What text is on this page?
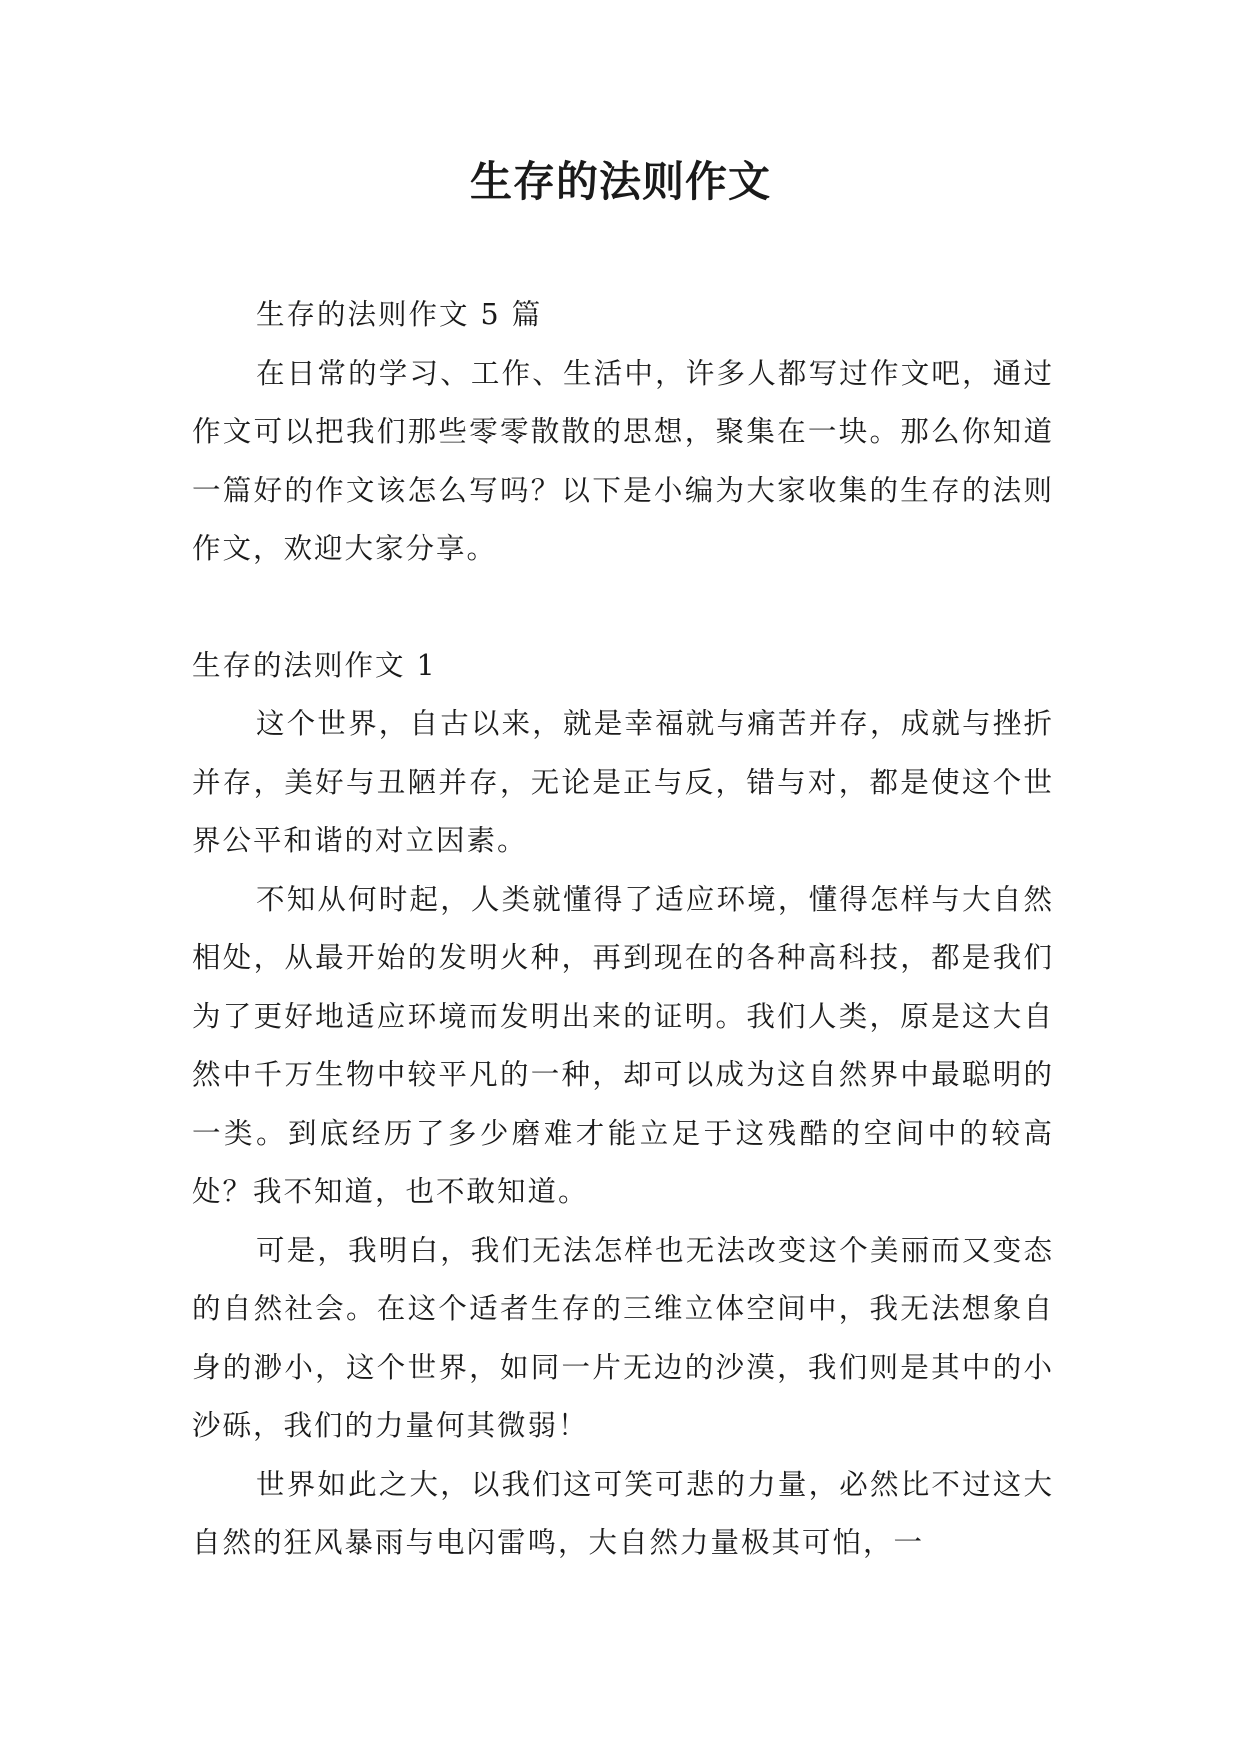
生存的法则作文

生存的法则作文 5 篇

在日常的学习、工作、生活中，许多人都写过作文吧，通过作文可以把我们那些零零散散的思想，聚集在一块。那么你知道一篇好的作文该怎么写吗？以下是小编为大家收集的生存的法则作文，欢迎大家分享。

生存的法则作文 1

这个世界，自古以来，就是幸福就与痛苦并存，成就与挫折并存，美好与丑陋并存，无论是正与反，错与对，都是使这个世界公平和谐的对立因素。

不知从何时起，人类就懂得了适应环境，懂得怎样与大自然相处，从最开始的发明火种，再到现在的各种高科技，都是我们为了更好地适应环境而发明出来的证明。我们人类，原是这大自然中千万生物中较平凡的一种，却可以成为这自然界中最聪明的一类。到底经历了多少磨难才能立足于这残酷的空间中的较高处？我不知道，也不敢知道。

可是，我明白，我们无法怎样也无法改变这个美丽而又变态的自然社会。在这个适者生存的三维立体空间中，我无法想象自身的渺小，这个世界，如同一片无边的沙漠，我们则是其中的小沙砾，我们的力量何其微弱！

世界如此之大，以我们这可笑可悲的力量，必然比不过这大自然的狂风暴雨与电闪雷鸣，大自然力量极其可怕，一
